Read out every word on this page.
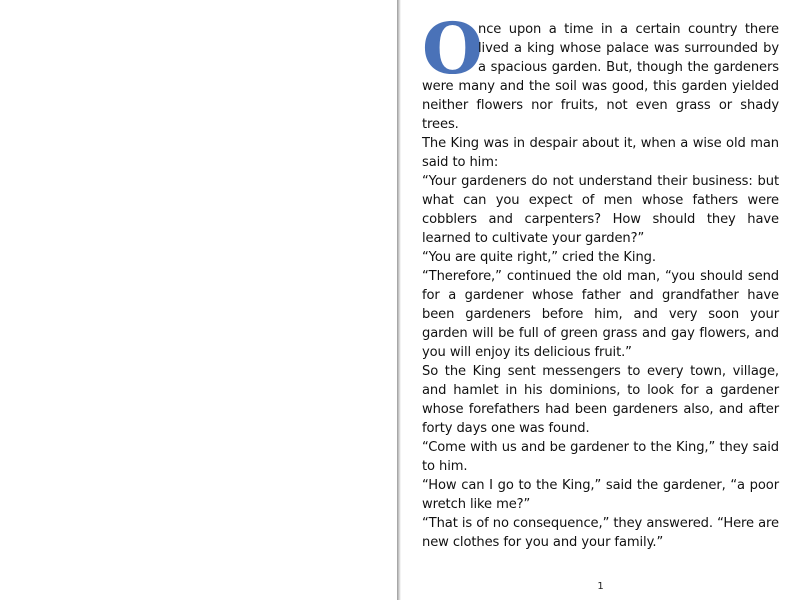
O
nce upon a time in a certain country there lived a king whose palace was surrounded by a spacious garden. But, though the gardeners were many and the soil was good, this garden yielded neither flowers nor fruits, not even grass or shady trees.

The King was in despair about it, when a wise old man said to him:

“Your gardeners do not understand their business: but what can you expect of men whose fathers were cobblers and carpenters? How should they have learned to cultivate your garden?”

“You are quite right,” cried the King.

“Therefore,” continued the old man, “you should send for a gardener whose father and grandfather have been gardeners before him, and very soon your garden will be full of green grass and gay flowers, and you will enjoy its delicious fruit.”

So the King sent messengers to every town, village, and hamlet in his dominions, to look for a gardener whose forefathers had been gardeners also, and after forty days one was found.

“Come with us and be gardener to the King,” they said to him.

“How can I go to the King,” said the gardener, “a poor wretch like me?”

“That is of no consequence,” they answered. “Here are new clothes for you and your family.”

1
